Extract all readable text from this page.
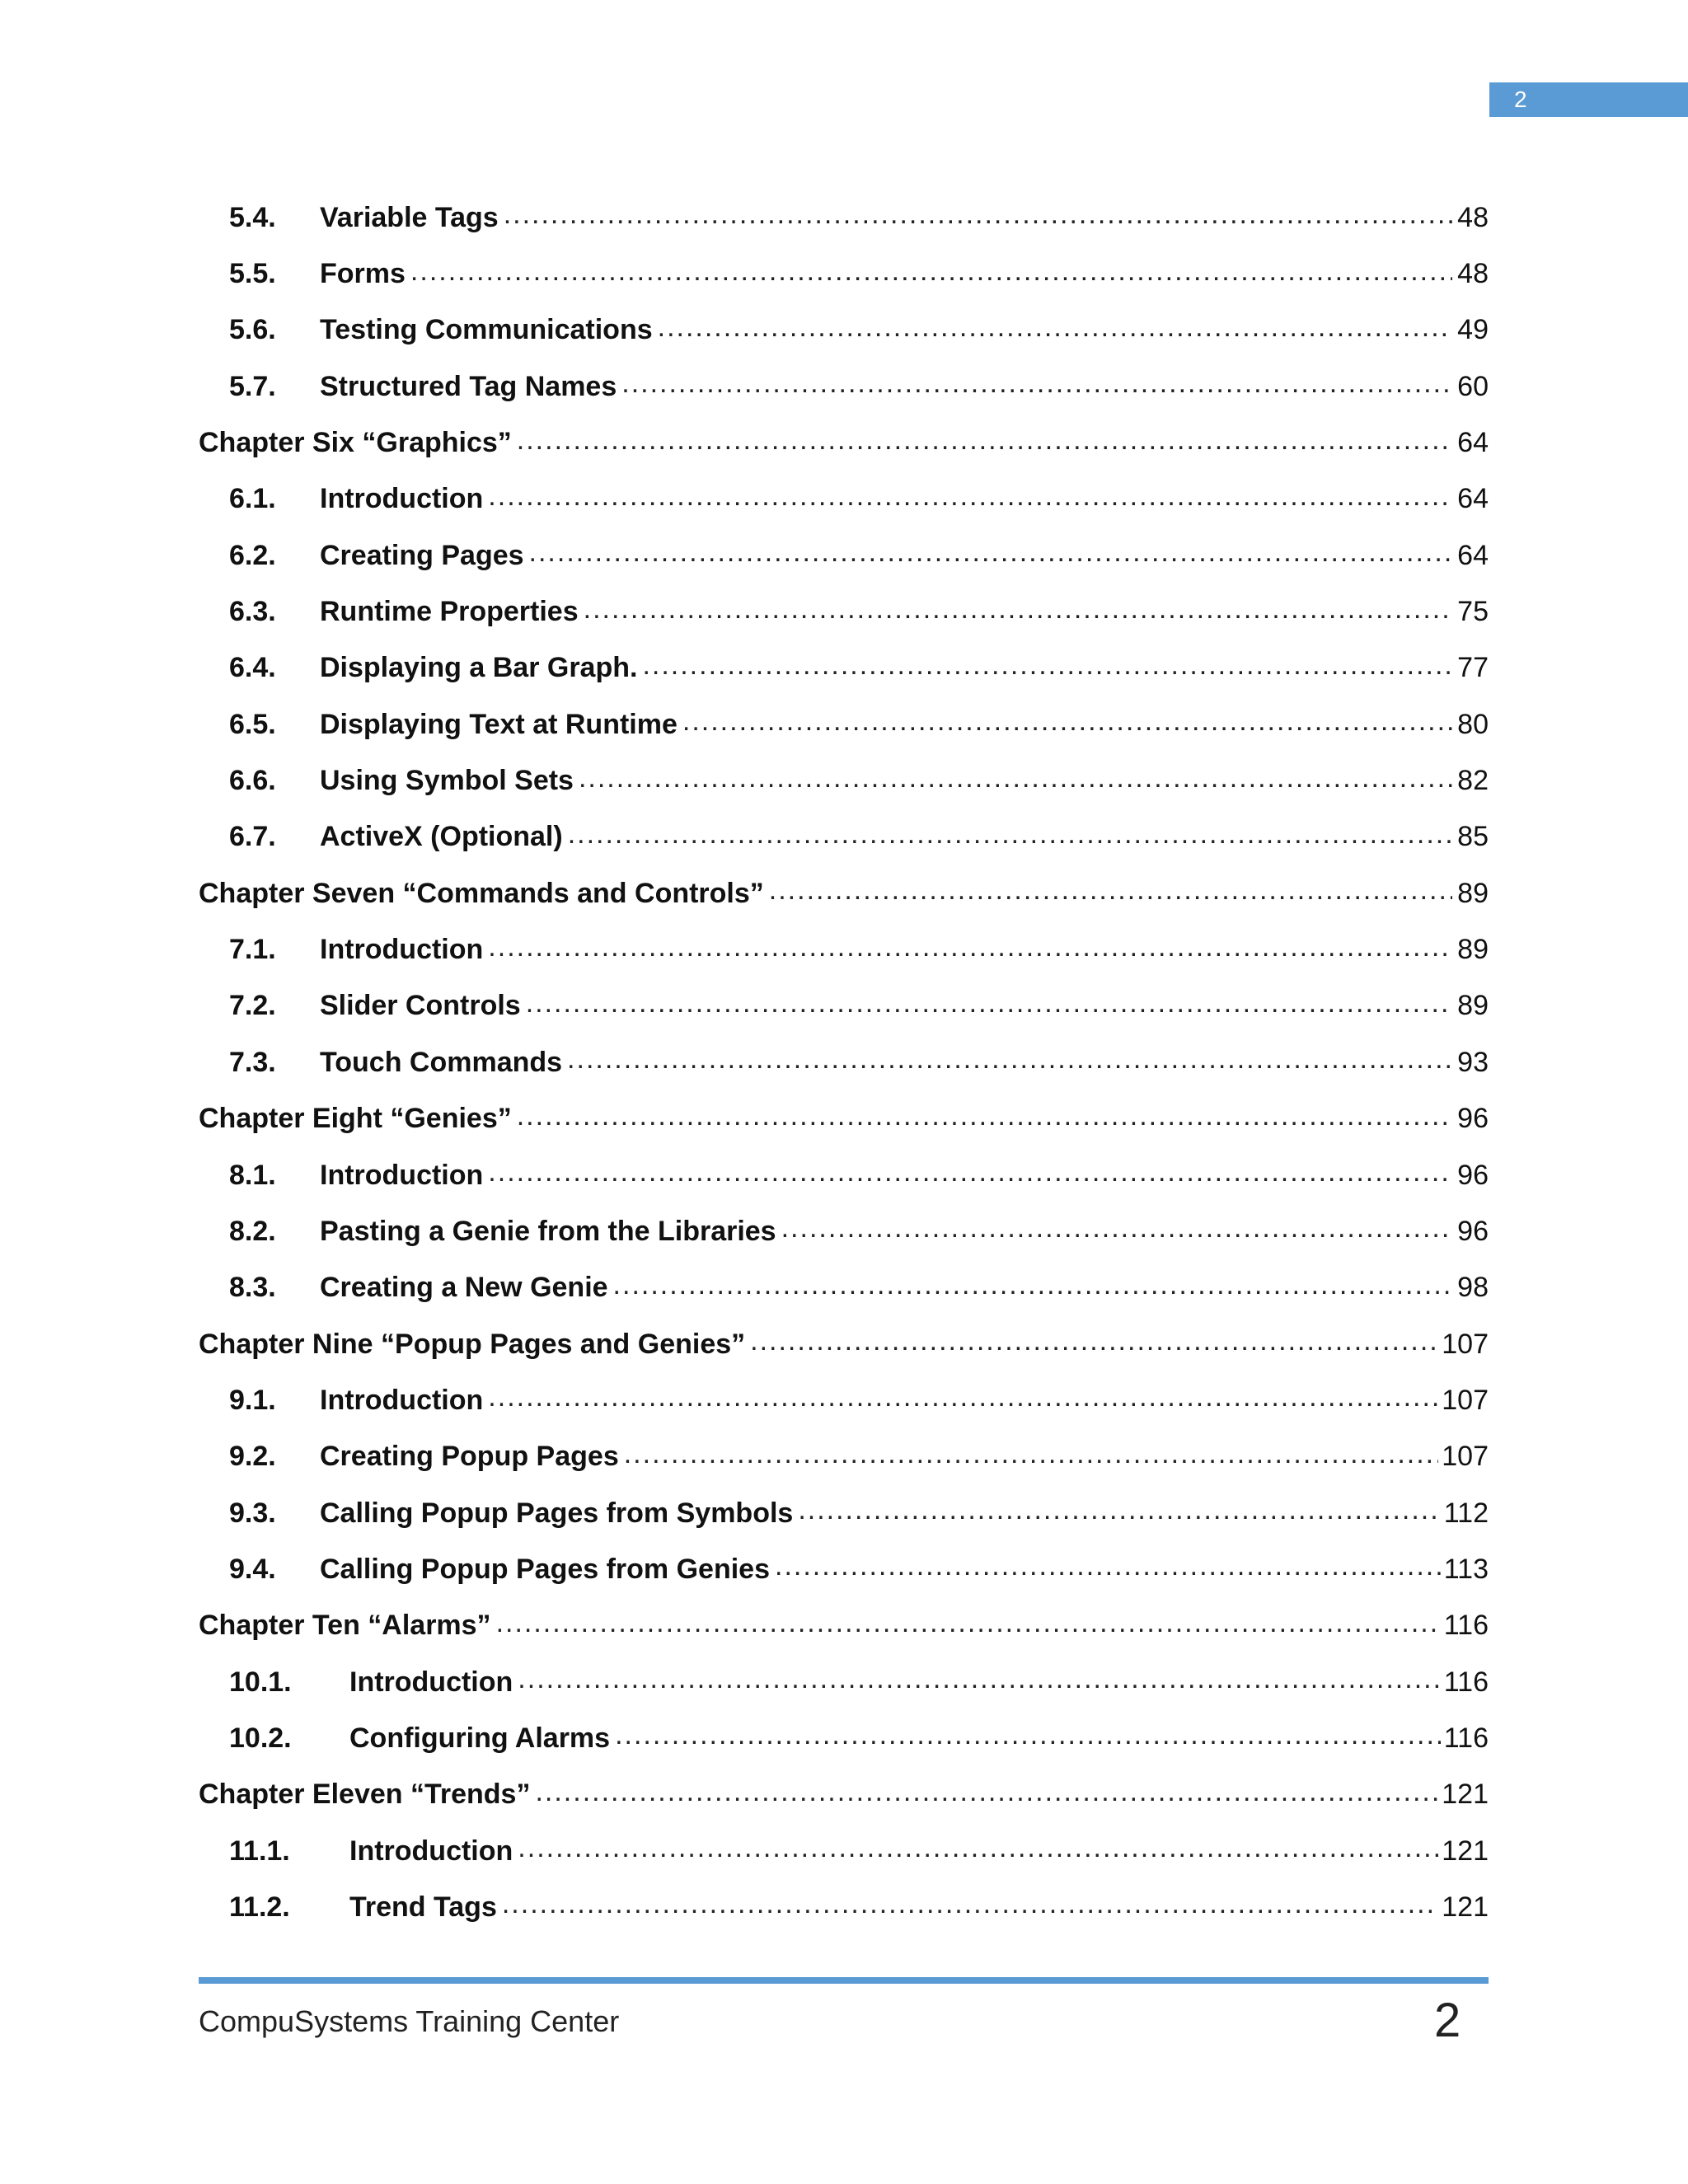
2
5.4.	Variable Tags .....	48
5.5.	Forms .....	48
5.6.	Testing Communications .....	49
5.7.	Structured Tag Names .....	60
Chapter Six “Graphics” .....	64
6.1.	Introduction .....	64
6.2.	Creating Pages .....	64
6.3.	Runtime Properties .....	75
6.4.	Displaying a Bar Graph. .....	77
6.5.	Displaying Text at Runtime .....	80
6.6.	Using Symbol Sets .....	82
6.7.	ActiveX (Optional) .....	85
Chapter Seven “Commands and Controls” .....	89
7.1.	Introduction .....	89
7.2.	Slider Controls .....	89
7.3.	Touch Commands .....	93
Chapter Eight “Genies” .....	96
8.1.	Introduction .....	96
8.2.	Pasting a Genie from the Libraries .....	96
8.3.	Creating a New Genie .....	98
Chapter Nine “Popup Pages and Genies” .....	107
9.1.	Introduction .....	107
9.2.	Creating Popup Pages .....	107
9.3.	Calling Popup Pages from Symbols .....	112
9.4.	Calling Popup Pages from Genies .....	113
Chapter Ten “Alarms” .....	116
10.1.	Introduction .....	116
10.2.	Configuring Alarms .....	116
Chapter Eleven “Trends” .....	121
11.1.	Introduction .....	121
11.2.	Trend Tags .....	121
CompuSystems Training Center	2
